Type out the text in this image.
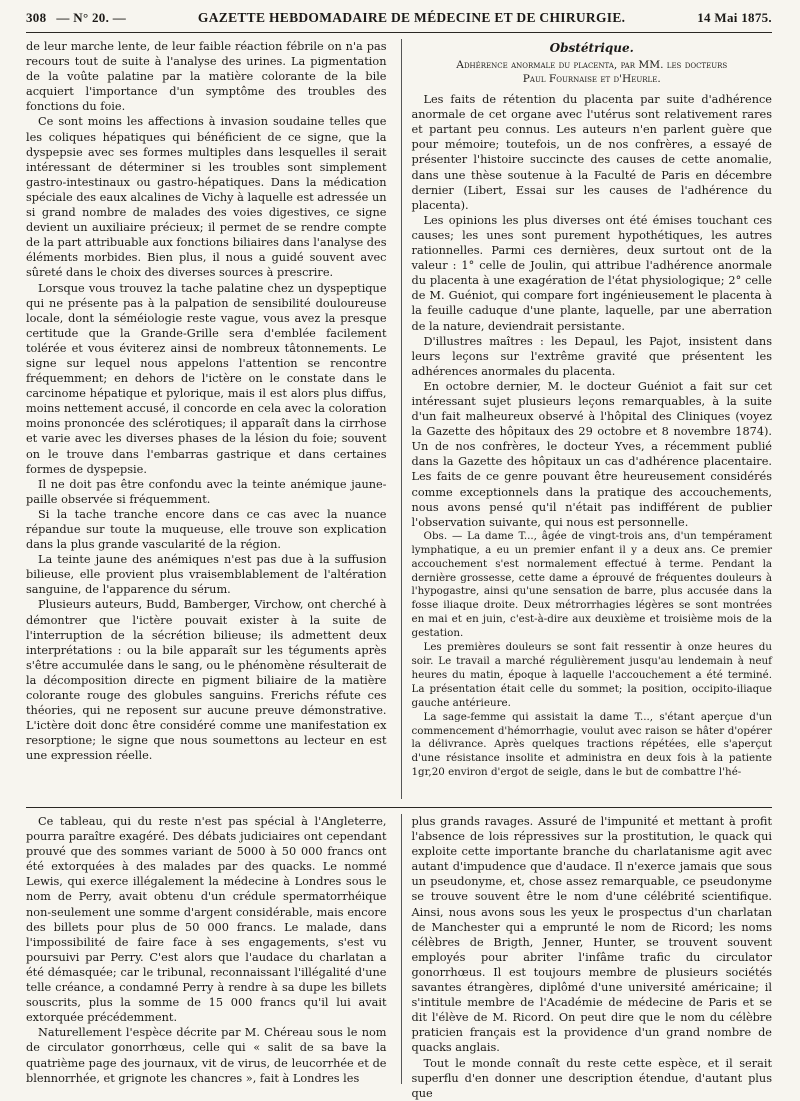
308 — N° 20. —	GAZETTE HEBDOMADAIRE DE MÉDECINE ET DE CHIRURGIE.	14 Mai 1875.

de leur marche lente, de leur faible réaction fébrile on n'a pas recours tout de suite à l'analyse des urines. La pigmentation de la voûte palatine par la matière colorante de la bile acquiert l'importance d'un symptôme des troubles des fonctions du foie.

Ce sont moins les affections à invasion soudaine telles que les coliques hépatiques qui bénéficient de ce signe, que la dyspepsie avec ses formes multiples dans lesquelles il serait intéressant de déterminer si les troubles sont simplement gastro-intestinaux ou gastro-hépatiques. Dans la médication spéciale des eaux alcalines de Vichy à laquelle est adressée un si grand nombre de malades des voies digestives, ce signe devient un auxiliaire précieux; il permet de se rendre compte de la part attribuable aux fonctions biliaires dans l'analyse des éléments morbides. Bien plus, il nous a guidé souvent avec sûreté dans le choix des diverses sources à prescrire.

Lorsque vous trouvez la tache palatine chez un dyspeptique qui ne présente pas à la palpation de sensibilité douloureuse locale, dont la séméiologie reste vague, vous avez la presque certitude que la Grande-Grille sera d'emblée facilement tolérée et vous éviterez ainsi de nombreux tâtonnements. Le signe sur lequel nous appelons l'attention se rencontre fréquemment; en dehors de l'ictère on le constate dans le carcinome hépatique et pylorique, mais il est alors plus diffus, moins nettement accusé, il concorde en cela avec la coloration moins prononcée des sclérotiques; il apparaît dans la cirrhose et varie avec les diverses phases de la lésion du foie; souvent on le trouve dans l'embarras gastrique et dans certaines formes de dyspepsie.

Il ne doit pas être confondu avec la teinte anémique jaune-paille observée si fréquemment.

Si la tache tranche encore dans ce cas avec la nuance répandue sur toute la muqueuse, elle trouve son explication dans la plus grande vascularité de la région.

La teinte jaune des anémiques n'est pas due à la suffusion bilieuse, elle provient plus vraisemblablement de l'altération sanguine, de l'apparence du sérum.

Plusieurs auteurs, Budd, Bamberger, Virchow, ont cherché à démontrer que l'ictère pouvait exister à la suite de l'interruption de la sécrétion bilieuse; ils admettent deux interprétations : ou la bile apparaît sur les téguments après s'être accumulée dans le sang, ou le phénomène résulterait de la décomposition directe en pigment biliaire de la matière colorante rouge des globules sanguins. Frerichs réfute ces théories, qui ne reposent sur aucune preuve démonstrative. L'ictère doit donc être considéré comme une manifestation ex resorptione; le signe que nous soumettons au lecteur en est une expression réelle.

Obstétrique.
Adhérence anormale du placenta, par MM. les docteurs
Paul Fournaise et d'Heurle.

Les faits de rétention du placenta par suite d'adhérence anormale de cet organe avec l'utérus sont relativement rares et partant peu connus. Les auteurs n'en parlent guère que pour mémoire; toutefois, un de nos confrères, a essayé de présenter l'histoire succincte des causes de cette anomalie, dans une thèse soutenue à la Faculté de Paris en décembre dernier (Libert, Essai sur les causes de l'adhérence du placenta).

Les opinions les plus diverses ont été émises touchant ces causes; les unes sont purement hypothétiques, les autres rationnelles. Parmi ces dernières, deux surtout ont de la valeur : 1° celle de Joulin, qui attribue l'adhérence anormale du placenta à une exagération de l'état physiologique; 2° celle de M. Guéniot, qui compare fort ingénieusement le placenta à la feuille caduque d'une plante, laquelle, par une aberration de la nature, deviendrait persistante.

D'illustres maîtres : les Depaul, les Pajot, insistent dans leurs leçons sur l'extrême gravité que présentent les adhérences anormales du placenta.

En octobre dernier, M. le docteur Guéniot a fait sur cet intéressant sujet plusieurs leçons remarquables, à la suite d'un fait malheureux observé à l'hôpital des Cliniques (voyez la Gazette des hôpitaux des 29 octobre et 8 novembre 1874). Un de nos confrères, le docteur Yves, a récemment publié dans la Gazette des hôpitaux un cas d'adhérence placentaire. Les faits de ce genre pouvant être heureusement considérés comme exceptionnels dans la pratique des accouchements, nous avons pensé qu'il n'était pas indifférent de publier l'observation suivante, qui nous est personnelle.

Obs. — La dame T..., âgée de vingt-trois ans, d'un tempérament lymphatique, a eu un premier enfant il y a deux ans. Ce premier accouchement s'est normalement effectué à terme. Pendant la dernière grossesse, cette dame a éprouvé de fréquentes douleurs à l'hypogastre, ainsi qu'une sensation de barre, plus accusée dans la fosse iliaque droite. Deux métrorrhagies légères se sont montrées en mai et en juin, c'est-à-dire aux deuxième et troisième mois de la gestation.

Les premières douleurs se sont fait ressentir à onze heures du soir. Le travail a marché régulièrement jusqu'au lendemain à neuf heures du matin, époque à laquelle l'accouchement a été terminé. La présentation était celle du sommet; la position, occipito-iliaque gauche antérieure.

La sage-femme qui assistait la dame T..., s'étant aperçue d'un commencement d'hémorrhagie, voulut avec raison se hâter d'opérer la délivrance. Après quelques tractions répétées, elle s'aperçut d'une résistance insolite et administra en deux fois à la patiente 1gr,20 environ d'ergot de seigle, dans le but de combattre l'hé-

Ce tableau, qui du reste n'est pas spécial à l'Angleterre, pourra paraître exagéré. Des débats judiciaires ont cependant prouvé que des sommes variant de 5000 à 50 000 francs ont été extorquées à des malades par des quacks. Le nommé Lewis, qui exerce illégalement la médecine à Londres sous le nom de Perry, avait obtenu d'un crédule spermatorrhéique non-seulement une somme d'argent considérable, mais encore des billets pour plus de 50 000 francs. Le malade, dans l'impossibilité de faire face à ses engagements, s'est vu poursuivi par Perry. C'est alors que l'audace du charlatan a été démasquée; car le tribunal, reconnaissant l'illégalité d'une telle créance, a condamné Perry à rendre à sa dupe les billets souscrits, plus la somme de 15 000 francs qu'il lui avait extorquée précédemment.

Naturellement l'espèce décrite par M. Chéreau sous le nom de circulator gonorrhœus, celle qui « salit de sa bave la quatrième page des journaux, vit de virus, de leucorrhée et de blennorrhée, et grignote les chancres », fait à Londres les

plus grands ravages. Assuré de l'impunité et mettant à profit l'absence de lois répressives sur la prostitution, le quack qui exploite cette importante branche du charlatanisme agit avec autant d'impudence que d'audace. Il n'exerce jamais que sous un pseudonyme, et, chose assez remarquable, ce pseudonyme se trouve souvent être le nom d'une célébrité scientifique. Ainsi, nous avons sous les yeux le prospectus d'un charlatan de Manchester qui a emprunté le nom de Ricord; les noms célèbres de Brigth, Jenner, Hunter, se trouvent souvent employés pour abriter l'infâme trafic du circulator gonorrhœus. Il est toujours membre de plusieurs sociétés savantes étrangères, diplômé d'une université américaine; il s'intitule membre de l'Académie de médecine de Paris et se dit l'élève de M. Ricord. On peut dire que le nom du célèbre praticien français est la providence d'un grand nombre de quacks anglais.

Tout le monde connaît du reste cette espèce, et il serait superflu d'en donner une description étendue, d'autant plus que
